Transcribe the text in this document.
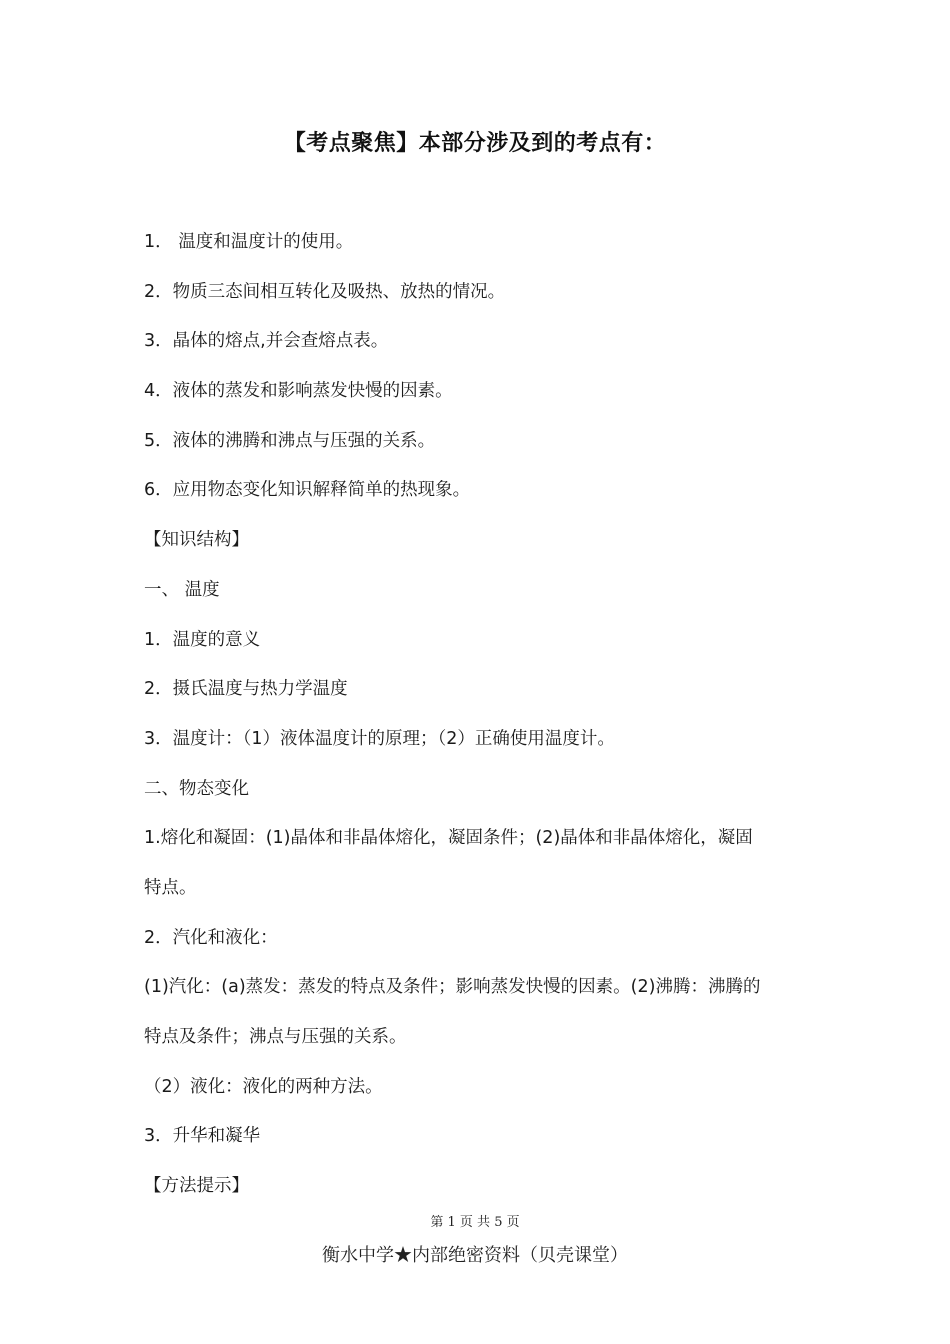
【考点聚焦】本部分涉及到的考点有：
1． 温度和温度计的使用。
2．物质三态间相互转化及吸热、放热的情况。
3．晶体的熔点,并会查熔点表。
4．液体的蒸发和影响蒸发快慢的因素。
5．液体的沸腾和沸点与压强的关系。
6．应用物态变化知识解释简单的热现象。
【知识结构】
一、 温度
1．温度的意义
2．摄氏温度与热力学温度
3．温度计：（1）液体温度计的原理；（2）正确使用温度计。
二、物态变化
1.熔化和凝固：(1)晶体和非晶体熔化，凝固条件；(2)晶体和非晶体熔化，凝固
特点。
2．汽化和液化：
(1)汽化：(a)蒸发：蒸发的特点及条件；影响蒸发快慢的因素。(2)沸腾：沸腾的
特点及条件；沸点与压强的关系。
（2）液化：液化的两种方法。
3．升华和凝华
【方法提示】
第 1 页 共 5 页
衡水中学★内部绝密资料（贝壳课堂）
